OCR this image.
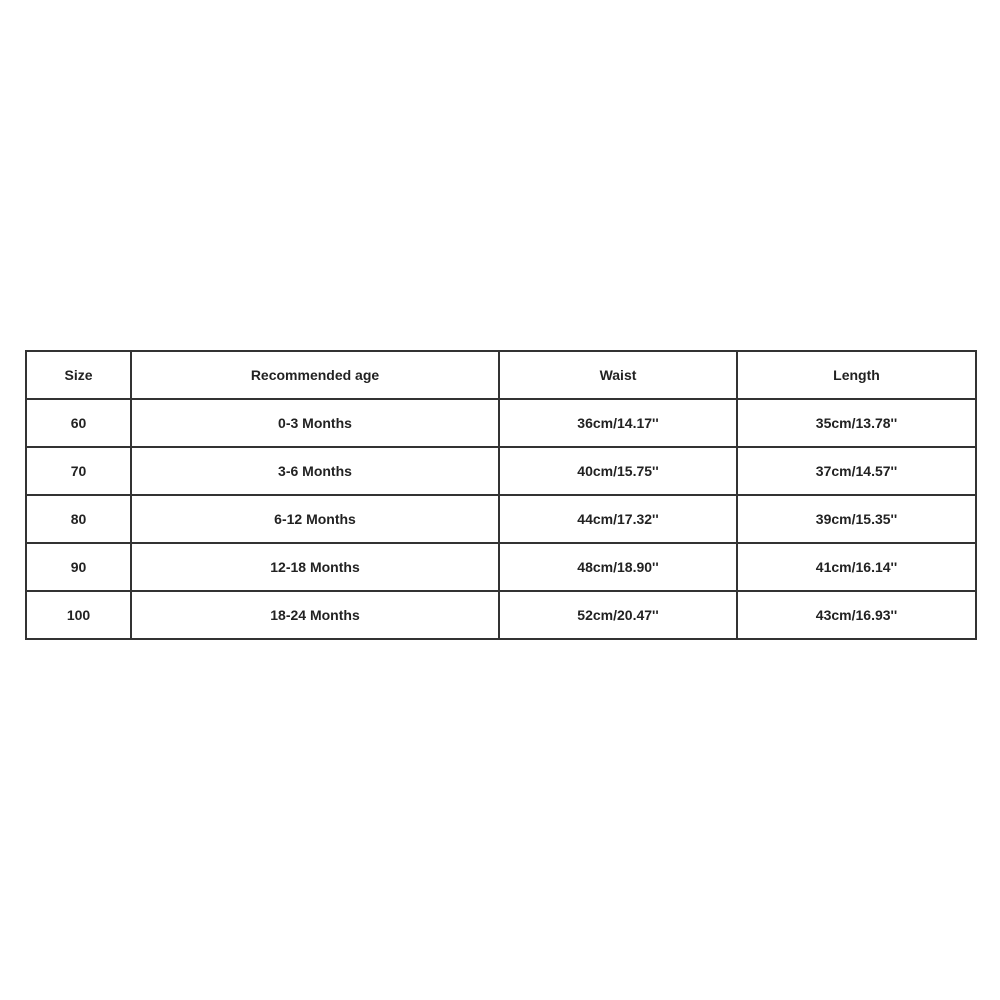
Size	Recommended age	Waist	Length
60	0-3 Months	36cm/14.17''	35cm/13.78''
70	3-6 Months	40cm/15.75''	37cm/14.57''
80	6-12 Months	44cm/17.32''	39cm/15.35''
90	12-18 Months	48cm/18.90''	41cm/16.14''
100	18-24 Months	52cm/20.47''	43cm/16.93''
